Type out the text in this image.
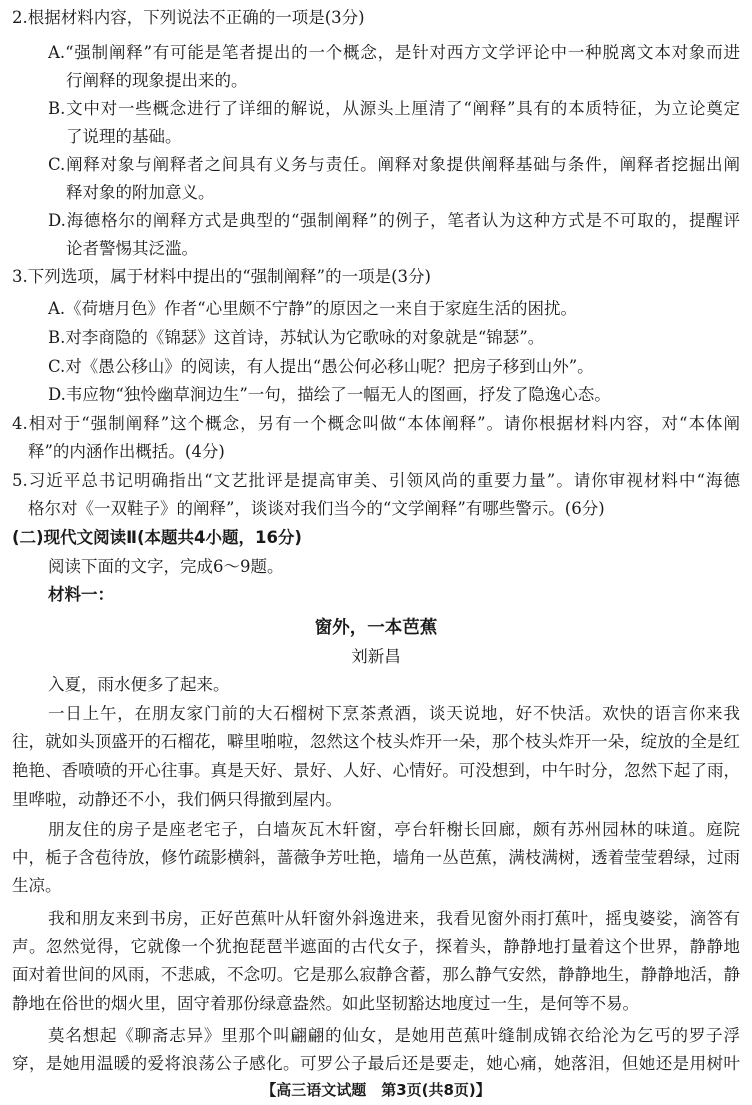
2.根据材料内容，下列说法不正确的一项是(3分)
A.“强制阐释”有可能是笔者提出的一个概念，是针对西方文学评论中一种脱离文本对象而进
行阐释的现象提出来的。
B.文中对一些概念进行了详细的解说，从源头上厘清了“阐释”具有的本质特征，为立论奠定
了说理的基础。
C.阐释对象与阐释者之间具有义务与责任。阐释对象提供阐释基础与条件，阐释者挖掘出阐
释对象的附加意义。
D.海德格尔的阐释方式是典型的“强制阐释”的例子，笔者认为这种方式是不可取的，提醒评
论者警惕其泛滥。
3.下列选项，属于材料中提出的“强制阐释”的一项是(3分)
A.《荷塘月色》作者“心里颇不宁静”的原因之一来自于家庭生活的困扰。
B.对李商隐的《锦瑟》这首诗，苏轼认为它歌咏的对象就是“锦瑟”。
C.对《愚公移山》的阅读，有人提出“愚公何必移山呢？把房子移到山外”。
D.韦应物“独怜幽草涧边生”一句，描绘了一幅无人的图画，抒发了隐逸心态。
4.相对于“强制阐释”这个概念，另有一个概念叫做“本体阐释”。请你根据材料内容，对“本体阐
释”的内涵作出概括。(4分)
5.习近平总书记明确指出“文艺批评是提高审美、引领风尚的重要力量”。请你审视材料中“海德
格尔对《一双鞋子》的阐释”，谈谈对我们当今的“文学阐释”有哪些警示。(6分)
(二)现代文阅读Ⅱ(本题共4小题，16分)
阅读下面的文字，完成6～9题。
材料一：
窗外，一本芭蕉
刘新昌
入夏，雨水便多了起来。
一日上午，在朋友家门前的大石榴树下烹茶煮酒，谈天说地，好不快活。欢快的语言你来我
往，就如头顶盛开的石榴花，噼里啪啦，忽然这个枝头炸开一朵，那个枝头炸开一朵，绽放的全是红
艳艳、香喷喷的开心往事。真是天好、景好、人好、心情好。可没想到，中午时分，忽然下起了雨，
里哗啦，动静还不小，我们俩只得撤到屋内。
朋友住的房子是座老宅子，白墙灰瓦木轩窗，亭台轩榭长回廊，颇有苏州园林的味道。庭院
中，栀子含苞待放，修竹疏影横斜，蔷薇争芳吐艳，墙角一丛芭蕉，满枝满树，透着莹莹碧绿，过雨
生凉。
我和朋友来到书房，正好芭蕉叶从轩窗外斜逸进来，我看见窗外雨打蕉叶，摇曳婆娑，滴答有
声。忽然觉得，它就像一个犹抱琵琶半遮面的古代女子，探着头，静静地打量着这个世界，静静地
面对着世间的风雨，不悲戚，不念叨。它是那么寂静含蓄，那么静气安然，静静地生，静静地活，静
静地在俗世的烟火里，固守着那份绿意盎然。如此坚韧豁达地度过一生，是何等不易。
莫名想起《聊斋志异》里那个叫翩翩的仙女，是她用芭蕉叶缝制成锦衣给沦为乞丐的罗子浮
穿，是她用温暖的爱将浪荡公子感化。可罗公子最后还是要走，她心痛，她落泪，但她还是用树叶
【高三语文试题　第3页(共8页)】
